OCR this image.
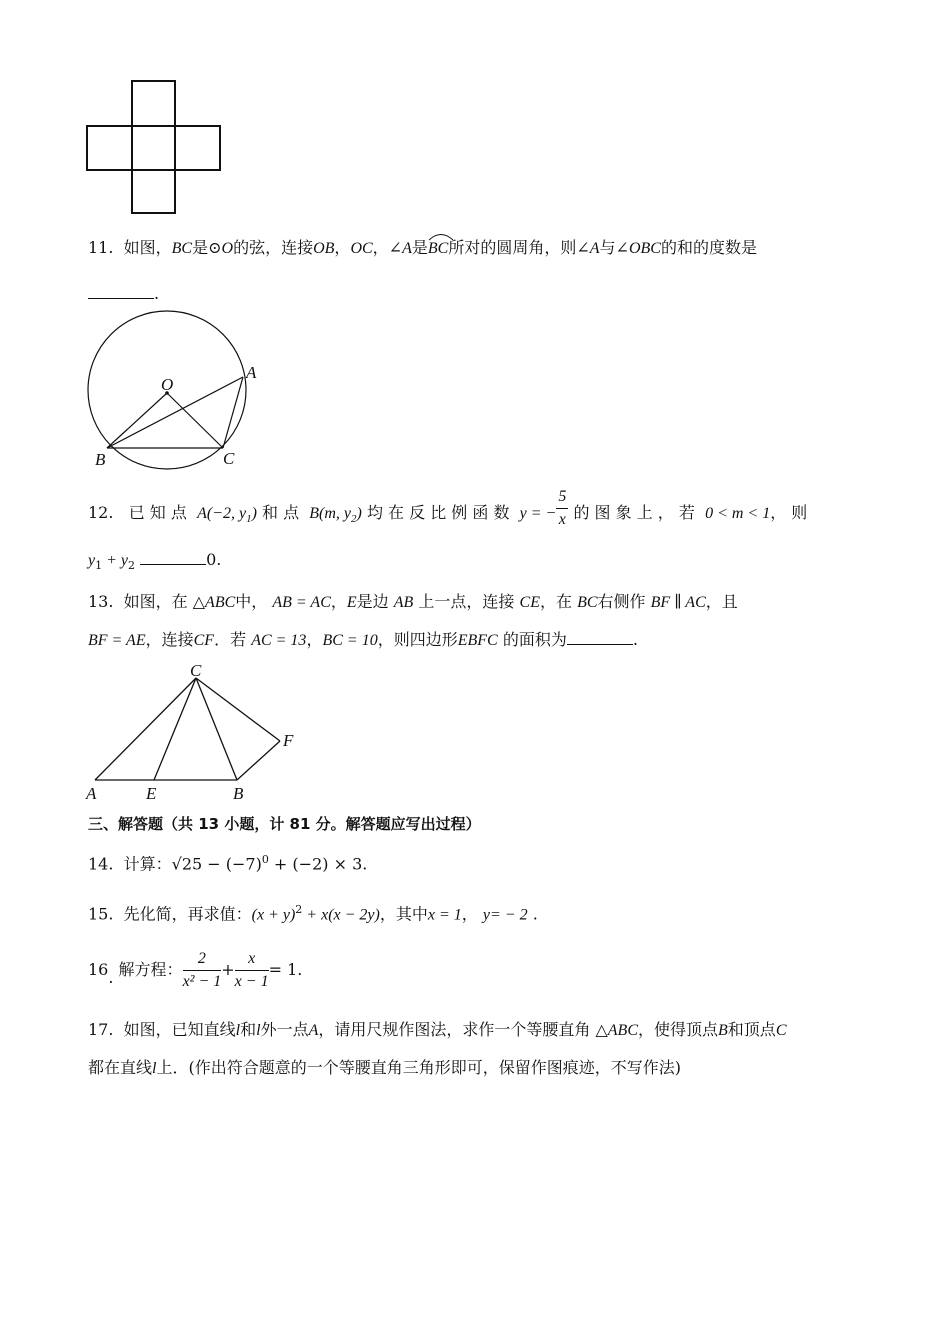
11. 如图，BC是⊙O的弦，连接OB，OC，∠A是
BC所对的圆周角，则∠A与∠OBC的和的度数是
.
O
A
B	C
12. 已 知 点 A(−2, $y_1$) 和 点 B(m, $y_2$) 均 在 反 比 例 函 数 y = − $\frac{5}{x}$ 的 图 象 上 ， 若 0 < m < 1， 则
$y_1 + y_2$	0.
13. 如图，在 △ABC中， AB = AC，E是边 AB 上一点，连接 CE，在 BC右侧作 BF ∥ AC，且
BF = AE，连接CF．若 AC = 13，BC = 10，则四边形EBFC 的面积为	.
C
F
A	E	B
三、解答题（共 13 小题，计 81 分。解答题应写出过程）
14. 计算：$√25 - (-7)^0 + (-2) \times 3$.
15. 先化简，再求值：$(x + y)^2 + x(x - 2y)$，其中x = 1， y= − 2 .
16. 解方程： $\frac{2}{\text{x² − 1}} + \frac{x}{x - 1} = 1$.
17. 如图，已知直线l和l外一点A，请用尺规作图法，求作一个等腰直角 △ABC，使得顶点B和顶点C
都在直线l上．(作出符合题意的一个等腰直角三角形即可，保留作图痕迹，不写作法)
